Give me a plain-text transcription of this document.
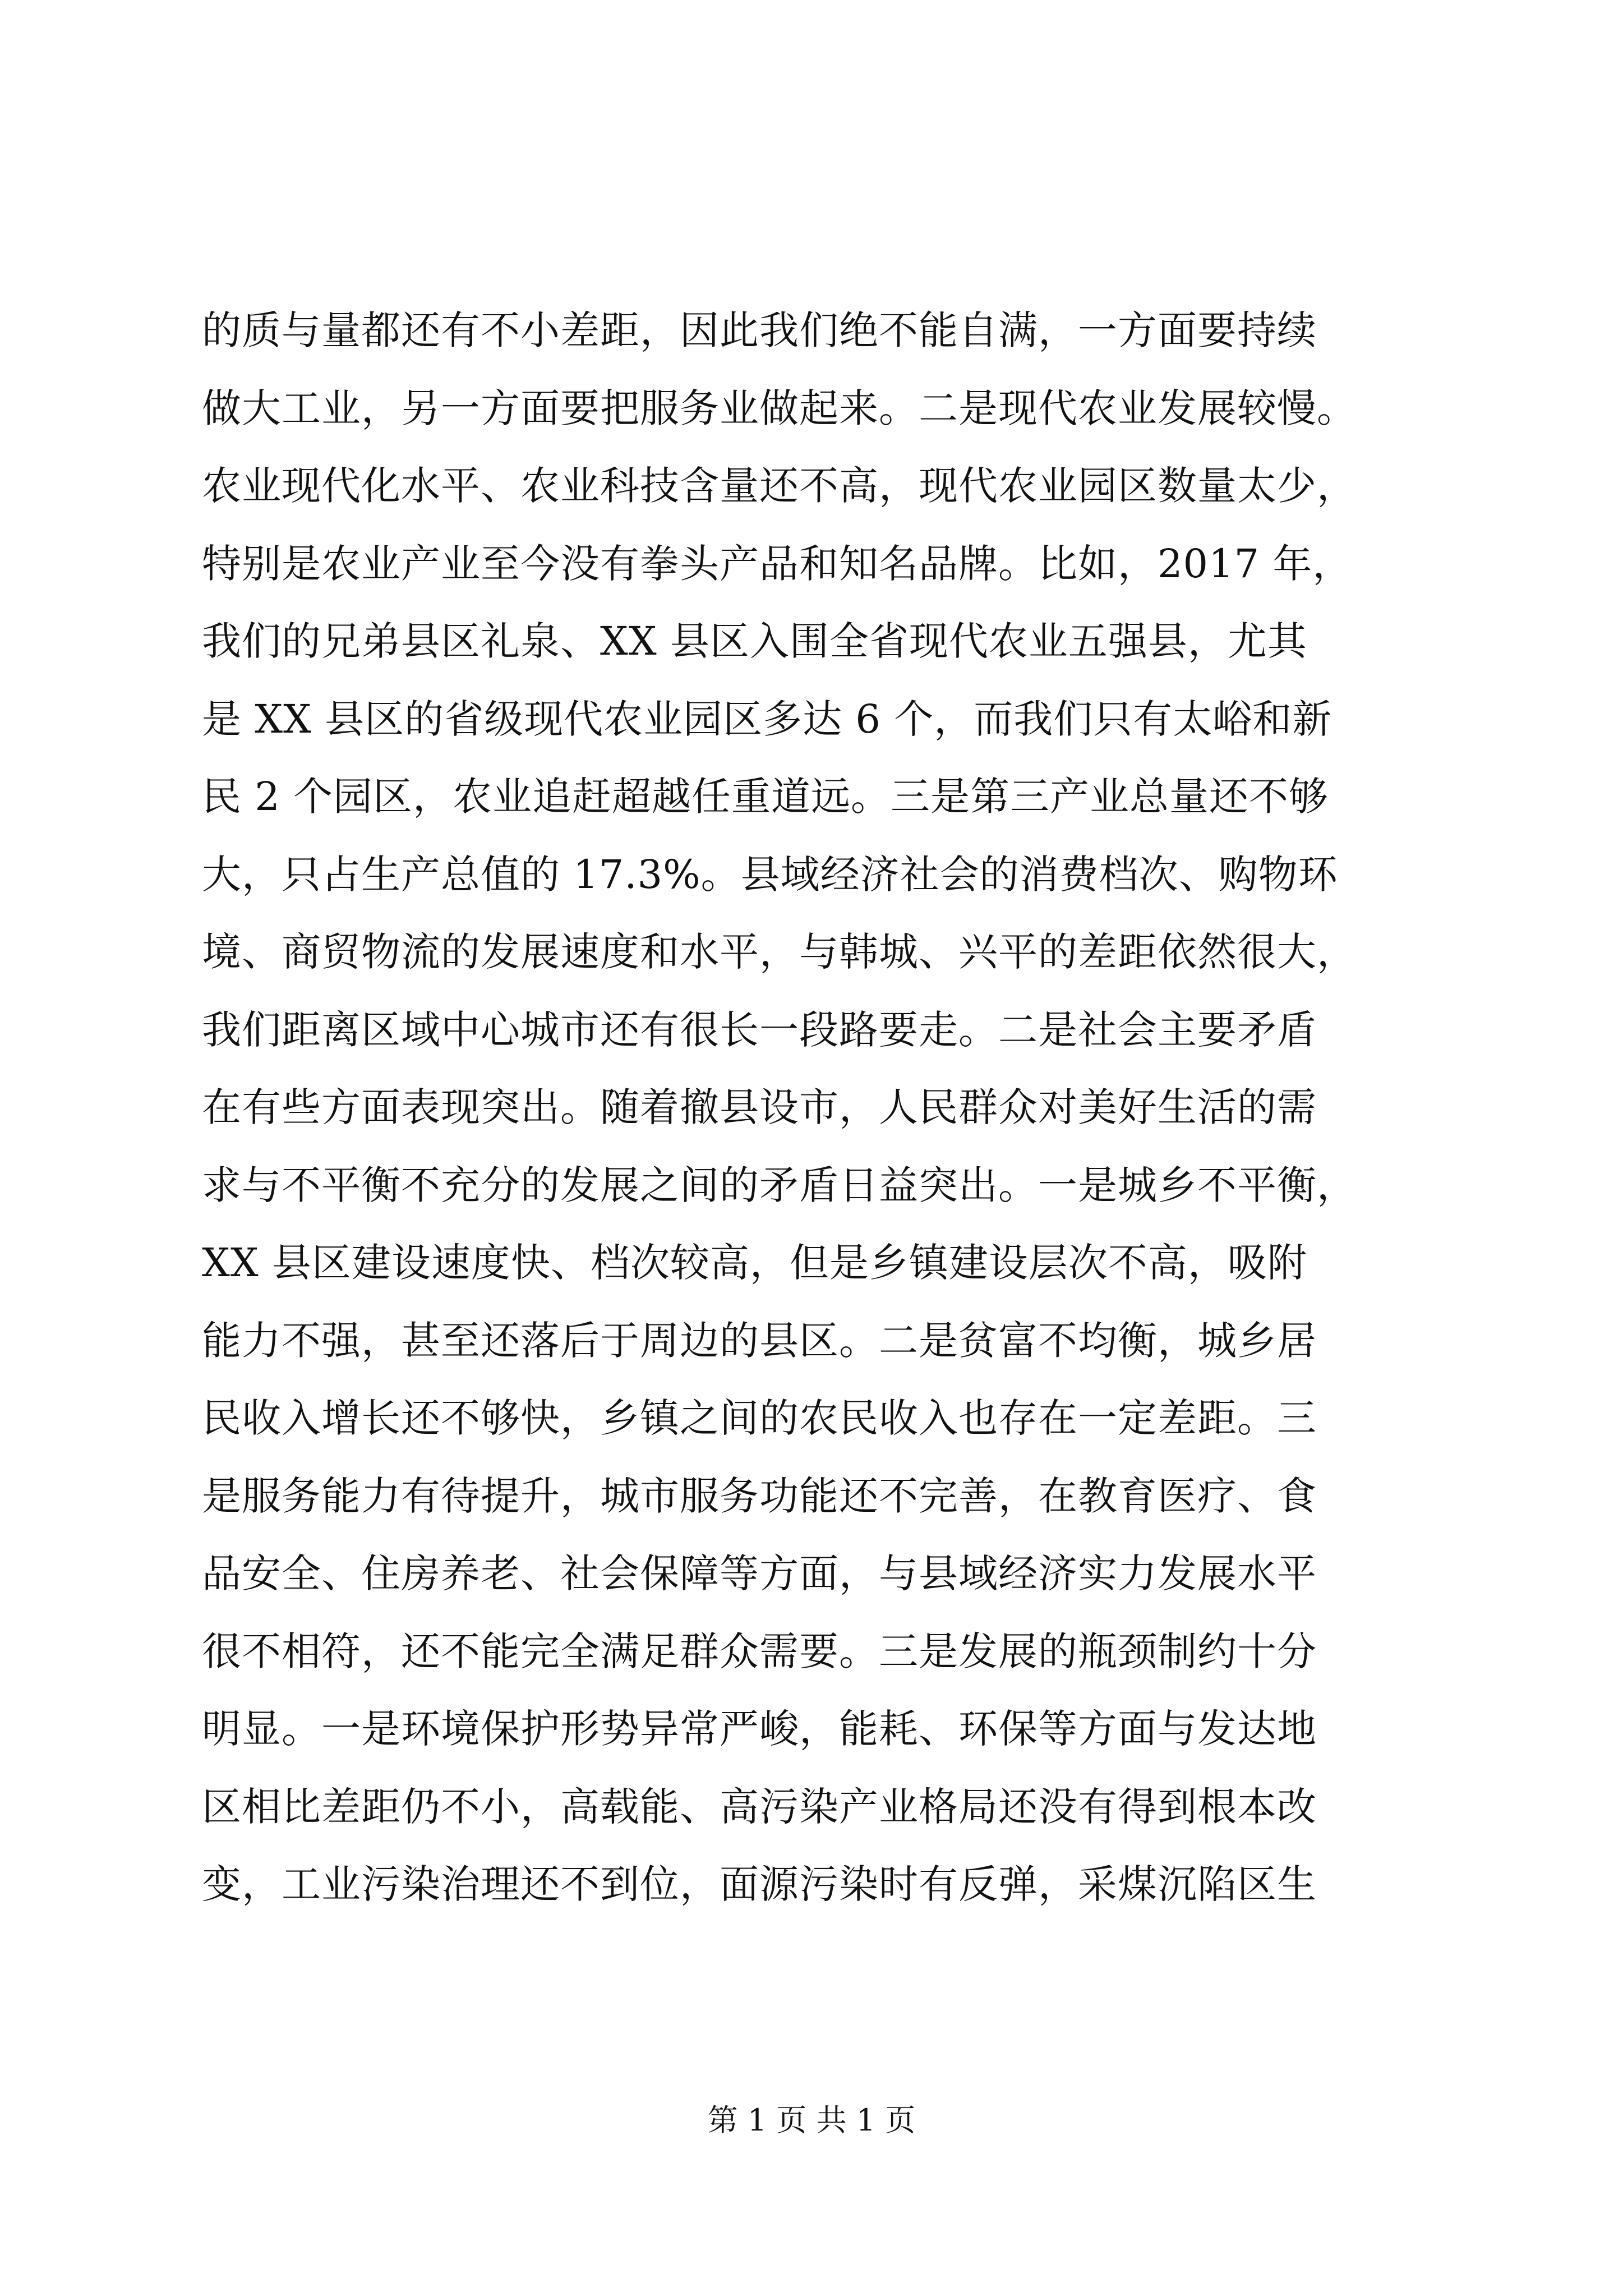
的质与量都还有不小差距，因此我们绝不能自满，一方面要持续
做大工业，另一方面要把服务业做起来。二是现代农业发展较慢。
农业现代化水平、农业科技含量还不高，现代农业园区数量太少，
特别是农业产业至今没有拳头产品和知名品牌。比如，2017 年，
我们的兄弟县区礼泉、XX 县区入围全省现代农业五强县，尤其
是 XX 县区的省级现代农业园区多达 6 个，而我们只有太峪和新
民 2 个园区，农业追赶超越任重道远。三是第三产业总量还不够
大，只占生产总值的 17.3%。县域经济社会的消费档次、购物环
境、商贸物流的发展速度和水平，与韩城、兴平的差距依然很大，
我们距离区域中心城市还有很长一段路要走。二是社会主要矛盾
在有些方面表现突出。随着撤县设市，人民群众对美好生活的需
求与不平衡不充分的发展之间的矛盾日益突出。一是城乡不平衡，
XX 县区建设速度快、档次较高，但是乡镇建设层次不高，吸附
能力不强，甚至还落后于周边的县区。二是贫富不均衡，城乡居
民收入增长还不够快，乡镇之间的农民收入也存在一定差距。三
是服务能力有待提升，城市服务功能还不完善，在教育医疗、食
品安全、住房养老、社会保障等方面，与县域经济实力发展水平
很不相符，还不能完全满足群众需要。三是发展的瓶颈制约十分
明显。一是环境保护形势异常严峻，能耗、环保等方面与发达地
区相比差距仍不小，高载能、高污染产业格局还没有得到根本改
变，工业污染治理还不到位，面源污染时有反弹，采煤沉陷区生
第 1 页 共 1 页
